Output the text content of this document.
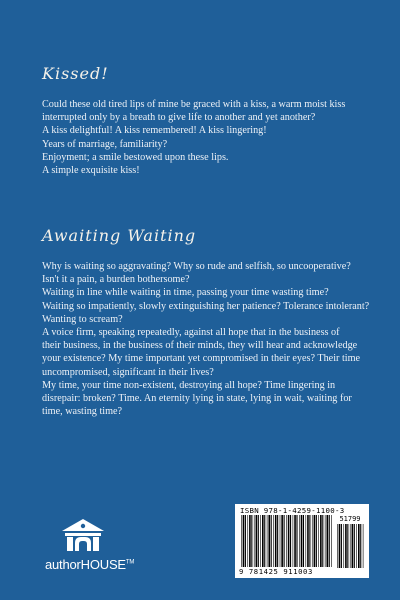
Kissed!
Could these old tired lips of mine be graced with a kiss, a warm moist kiss
interrupted only by a breath to give life to another and yet another?
A kiss delightful! A kiss remembered! A kiss lingering!
Years of marriage, familiarity?
Enjoyment; a smile bestowed upon these lips.
A simple exquisite kiss!
Awaiting Waiting
Why is waiting so aggravating? Why so rude and selfish, so uncooperative?
Isn't it a pain, a burden bothersome?
Waiting in line while waiting in time, passing your time wasting time?
Waiting so impatiently, slowly extinguishing her patience? Tolerance intolerant?
Wanting to scream?
A voice firm, speaking repeatedly, against all hope that in the business of
their business, in the business of their minds, they will hear and acknowledge
your existence? My time important yet compromised in their eyes? Their time
uncompromised, significant in their lives?
My time, your time non-existent, destroying all hope? Time lingering in
disrepair: broken? Time. An eternity lying in state, lying in wait, waiting for
time, wasting time?
authorHOUSE™
ISBN 978-1-4259-1100-3
51799
9 781425 911003
